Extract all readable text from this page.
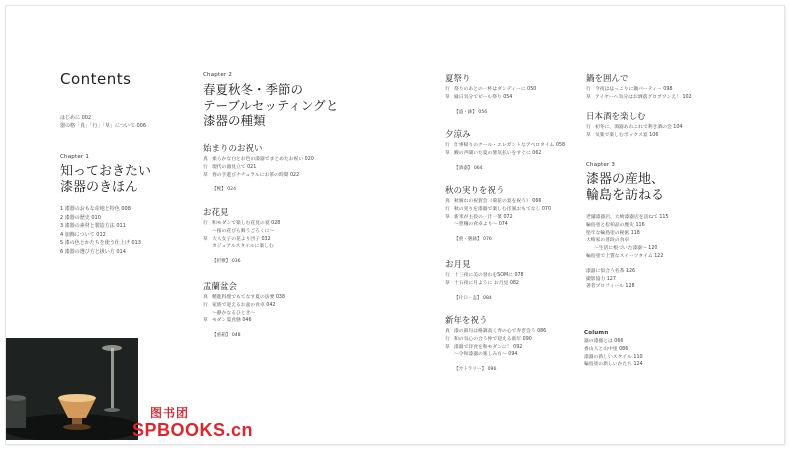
Contents
はじめに 002
器の格「真」「行」「草」について 006
Chapter 1
知っておきたい
漆器のきほん
1 漆器のおもな産地と特色 008
2 漆器の歴史 010
3 漆器の素材と製造方法 011
4 加飾について 012
5 漆の色とかたちを使う仕上げ 013
6 漆器の選び方と扱い方 014
图书团
SPBOOKS.cn
Chapter 2
春夏秋冬・季節の
テーブルセッティングと
漆器の種類
始まりのお祝い
真 柔らかな白とお色の漆器でまとめたお祝い 020
行 現代の器見立て 021
草 春の手遊びナチュラルにお茶の時間 022
【椀】 024
お花見
行 和モダンで楽しむ花見の宴 028
〜桜の花びら舞うごろくに〜
草 大人女子の花より団子 032
カジュアルスタイルに楽しむ
【折敷】 036
盂蘭盆会
真 精進料理でもてなす夏の法要 038
行 家族で迎えるお盆の食卓 042
〜静かなるひとき〜
草 モダン夏食膳 046
【重箱】 048
夏祭り
行 祭りのあとの一杯はダンディーに 050
草 縁日気分でビール祭り 054
【盛・鉢】 056
夕涼み
行 仕事帰りのクール・エレガントなアペロタイム 058
草 鰻の声聞いた夏の暑気払いをすぐに 062
【酒器】 064
秋の実りを祝う
真 秋晴れの祝賀会（菊花の宴を祝う） 066
行 秋の実りを漆器で楽しむ洋風おもてなし 070
草 新米が主役の一汁一菜 072
〜豊穣の食卓より〜 074
【重・膳鉢】 076
お月見
行 十三夜に美の誉れをSOMに 078
草 十五夜に月ように お月見 082
【片口・盃】 084
新年を祝う
真 漆の節句は格調高く寿の心で寿ぎ会う 086
行 和の気心の合う仲で迎える新年 090
草 漆器で洋食を和モダンに！ 092
〜令和漆器の楽しみ方〜 094
【カトラリー】 096
鍋を囲んで
行 今夜はほっこりに鍋パーティー 098
草 アイヤーへ気分はお洒落グロブワンえ！ 102
日本酒を楽しむ
行 初冬に、酒器あれこれで利き酒の会 104
草 気楽で楽しむボックス宴 106
Chapter 3
漆器の産地、
輪島を訪ねる
老舗漆器店、大崎漆器店を訪ねて 115
輪島塗と松柏品の歴史 116
堅牢な輪島塗の秘密 118
大崎家の普段の食卓
〜生活に根づいた漆器〜 120
輪島塗で上質なスイーツタイム 122
漆器に似合う名茶 126
撮影協力 127
著者プロフィール 128
Column
器の漆器とは 066
香山人と山中塗 086
漆器の新しいスタイル 110
輪島塗の新しいかたち 124
